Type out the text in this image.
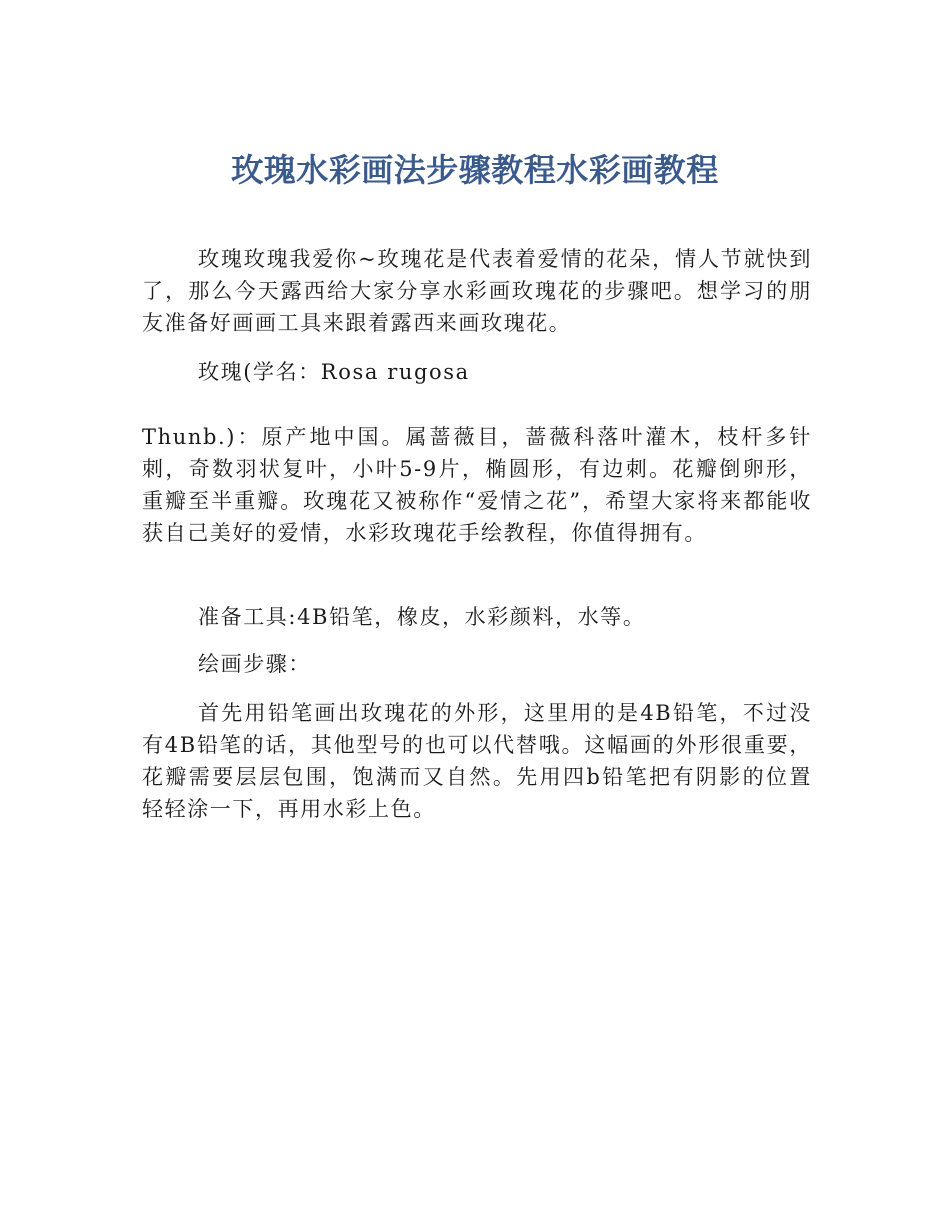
玫瑰水彩画法步骤教程水彩画教程

玫瑰玫瑰我爱你~玫瑰花是代表着爱情的花朵，情人节就快到了，那么今天露西给大家分享水彩画玫瑰花的步骤吧。想学习的朋友准备好画画工具来跟着露西来画玫瑰花。

玫瑰(学名：Rosa rugosa

Thunb.)：原产地中国。属蔷薇目，蔷薇科落叶灌木，枝杆多针刺，奇数羽状复叶，小叶5-9片，椭圆形，有边刺。花瓣倒卵形，重瓣至半重瓣。玫瑰花又被称作“爱情之花”，希望大家将来都能收获自己美好的爱情，水彩玫瑰花手绘教程，你值得拥有。

准备工具:4B铅笔，橡皮，水彩颜料，水等。

绘画步骤：

首先用铅笔画出玫瑰花的外形，这里用的是4B铅笔，不过没有4B铅笔的话，其他型号的也可以代替哦。这幅画的外形很重要，花瓣需要层层包围，饱满而又自然。先用四b铅笔把有阴影的位置轻轻涂一下，再用水彩上色。
